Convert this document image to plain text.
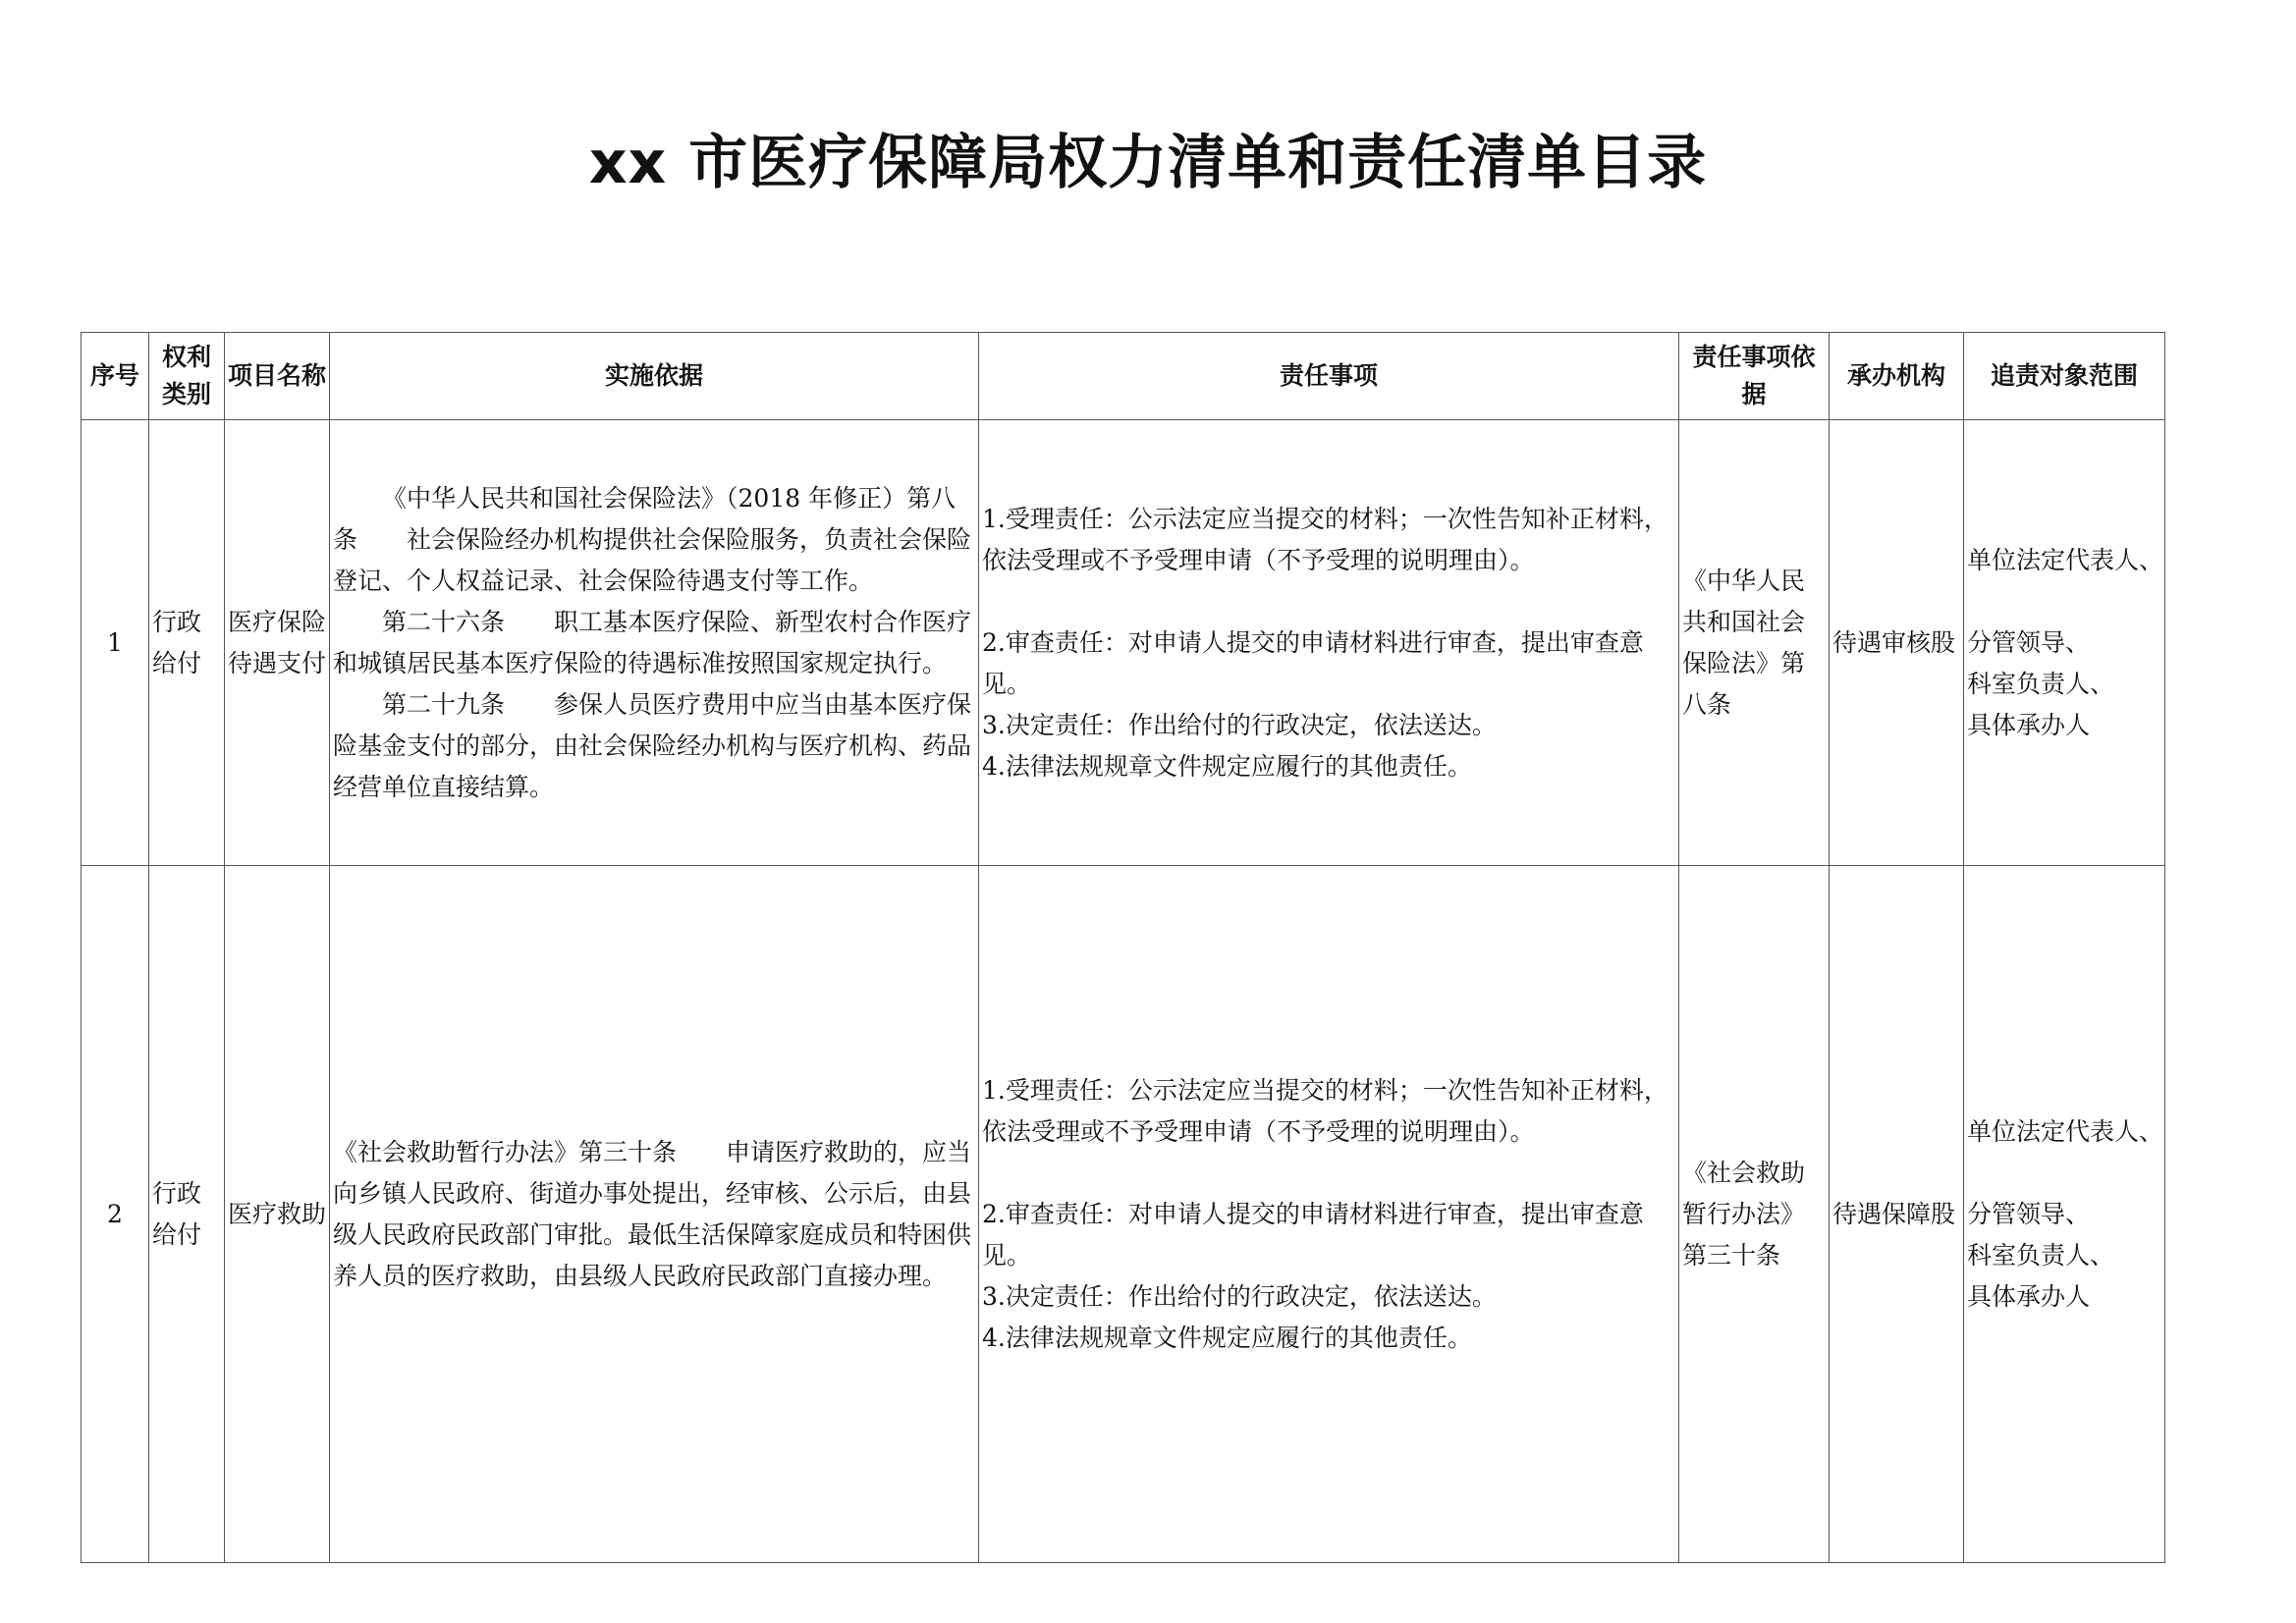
xx 市医疗保障局权力清单和责任清单目录
序号	权利类别	项目名称	实施依据	责任事项	责任事项依据	承办机构	追责对象范围
1	行政给付	医疗保险待遇支付	《中华人民共和国社会保险法》（2018 年修正）第八条　　社会保险经办机构提供社会保险服务，负责社会保险登记、个人权益记录、社会保险待遇支付等工作。
第二十六条　　职工基本医疗保险、新型农村合作医疗和城镇居民基本医疗保险的待遇标准按照国家规定执行。
第二十九条　　参保人员医疗费用中应当由基本医疗保险基金支付的部分，由社会保险经办机构与医疗机构、药品经营单位直接结算。	1.受理责任：公示法定应当提交的材料；一次性告知补正材料，依法受理或不予受理申请（不予受理的说明理由）。
2.审查责任：对申请人提交的申请材料进行审查，提出审查意见。
3.决定责任：作出给付的行政决定，依法送达。
4.法律法规规章文件规定应履行的其他责任。	《中华人民共和国社会保险法》第八条	待遇审核股	单位法定代表人、
分管领导、
科室负责人、
具体承办人

2	行政给付	医疗救助	《社会救助暂行办法》第三十条　　申请医疗救助的，应当向乡镇人民政府、街道办事处提出，经审核、公示后，由县级人民政府民政部门审批。最低生活保障家庭成员和特困供养人员的医疗救助，由县级人民政府民政部门直接办理。	1.受理责任：公示法定应当提交的材料；一次性告知补正材料，依法受理或不予受理申请（不予受理的说明理由）。
2.审查责任：对申请人提交的申请材料进行审查，提出审查意见。
3.决定责任：作出给付的行政决定，依法送达。
4.法律法规规章文件规定应履行的其他责任。	《社会救助暂行办法》第三十条	待遇保障股	单位法定代表人、
分管领导、
科室负责人、
具体承办人
